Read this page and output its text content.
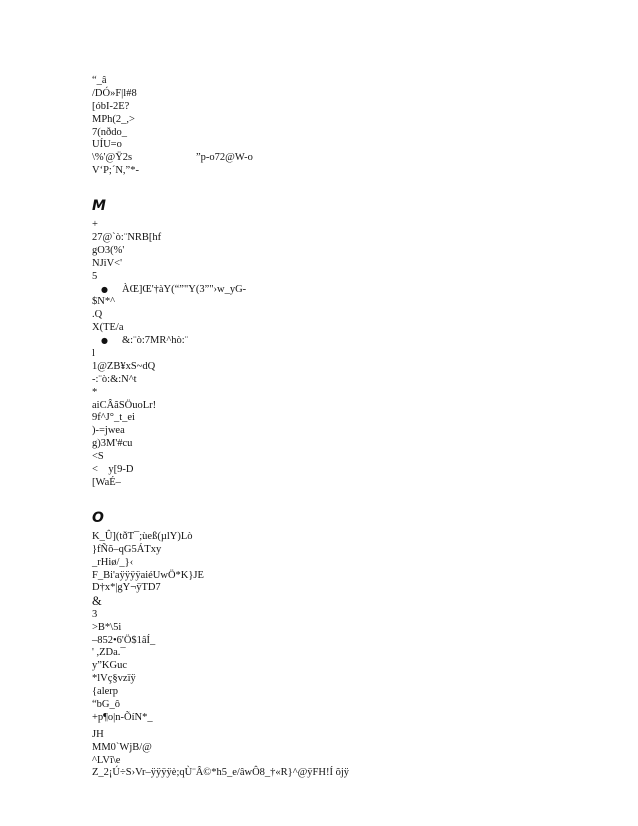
“_â
/DÓ»F|l#8
[óbI-2E?
MPh(2_,>
7(nðdo_
UÍU=o
\%'@Ÿ2s	”p-o72@W-o
V‘P;´N,”*-
M
+
27@`ò:¨NRB[hf
gO3(%'
NJiV<'
5
●	ÀŒ]Œ'†àY(“”"Y(3”"›w_yG-
$N*^
.Q
X(TE/a
●	&:¨ò:7MR^hò:¨
l
1@ZB¥xS~dQ
-:¨ò:&:N^t
*
aiCÂãSÖuoLr!
9f^J°_t_ei
)-=jwea
g)3M'#cu
<S
<    y[9-D
[WaÉ–
O
K_Û](tðT¯;ùeß(µlY)Lò
}fÑõ–qG5ÁTxy
_rHiø/_}‹
F_Bi'aÿÿÿÿaiéUwÖ*K}JE
D†x*|gY¬ÿTD7
&
3
>B*\5i
–852•6'Ö$1âÍ_
' ,ZDa.¯
y”KGuc
*lVç§vzïÿ
{alerp
“bG_ô
+p¶o|n-ÕíN*_
JH
MM0`WjB/@
^LVî\e
Z_2¡Ú÷S›Vr–ÿÿÿÿè;qÙ¨Â©*h5_e/âwÔ8_†«R}^@ÿFH!Í õjÿ
